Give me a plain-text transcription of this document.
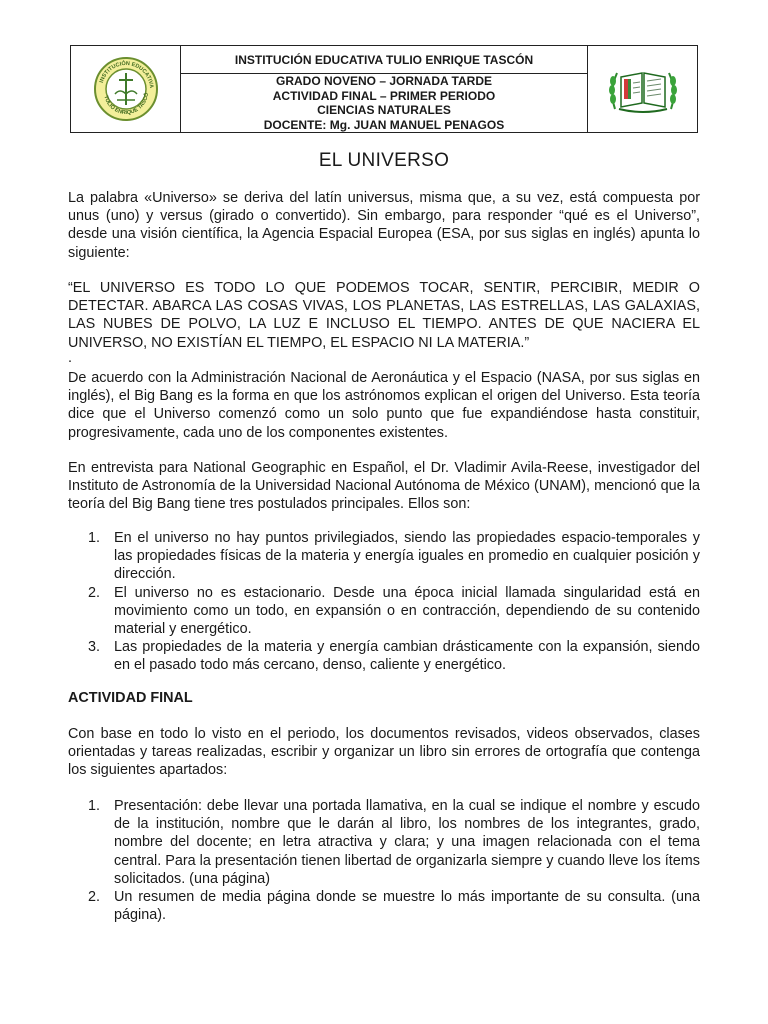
INSTITUCIÓN EDUCATIVA
TULIO ENRIQUE TASCÓ
INSTITUCIÓN EDUCATIVA TULIO ENRIQUE TASCÓN
GRADO NOVENO – JORNADA TARDE
ACTIVIDAD FINAL – PRIMER PERIODO
CIENCIAS NATURALES
DOCENTE: Mg. JUAN MANUEL PENAGOS
EL UNIVERSO
La palabra «Universo» se deriva del latín universus, misma que, a su vez, está compuesta por unus (uno) y versus (girado o convertido). Sin embargo, para responder “qué es el Universo”, desde una visión científica, la Agencia Espacial Europea (ESA, por sus siglas en inglés) apunta lo siguiente:
“EL UNIVERSO ES TODO LO QUE PODEMOS TOCAR, SENTIR, PERCIBIR, MEDIR O DETECTAR. ABARCA LAS COSAS VIVAS, LOS PLANETAS, LAS ESTRELLAS, LAS GALAXIAS, LAS NUBES DE POLVO, LA LUZ E INCLUSO EL TIEMPO. ANTES DE QUE NACIERA EL UNIVERSO, NO EXISTÍAN EL TIEMPO, EL ESPACIO NI LA MATERIA.”
.
De acuerdo con la Administración Nacional de Aeronáutica y el Espacio (NASA, por sus siglas en inglés), el Big Bang es la forma en que los astrónomos explican el origen del Universo. Esta teoría dice que el Universo comenzó como un solo punto que fue expandiéndose hasta constituir, progresivamente, cada uno de los componentes existentes.
En entrevista para National Geographic en Español, el Dr. Vladimir Avila-Reese, investigador del Instituto de Astronomía de la Universidad Nacional Autónoma de México (UNAM), mencionó que la teoría del Big Bang tiene tres postulados principales. Ellos son:
1. En el universo no hay puntos privilegiados, siendo las propiedades espacio-temporales y las propiedades físicas de la materia y energía iguales en promedio en cualquier posición y dirección.
2. El universo no es estacionario. Desde una época inicial llamada singularidad está en movimiento como un todo, en expansión o en contracción, dependiendo de su contenido material y energético.
3. Las propiedades de la materia y energía cambian drásticamente con la expansión, siendo en el pasado todo más cercano, denso, caliente y energético.
ACTIVIDAD FINAL
Con base en todo lo visto en el periodo, los documentos revisados, videos observados, clases orientadas y tareas realizadas, escribir y organizar un libro sin errores de ortografía que contenga los siguientes apartados:
1. Presentación: debe llevar una portada llamativa, en la cual se indique el nombre y escudo de la institución, nombre que le darán al libro, los nombres de los integrantes, grado, nombre del docente; en letra atractiva y clara; y una imagen relacionada con el tema central. Para la presentación tienen libertad de organizarla siempre y cuando lleve los ítems solicitados. (una página)
2. Un resumen de media página donde se muestre lo más importante de su consulta. (una página).
